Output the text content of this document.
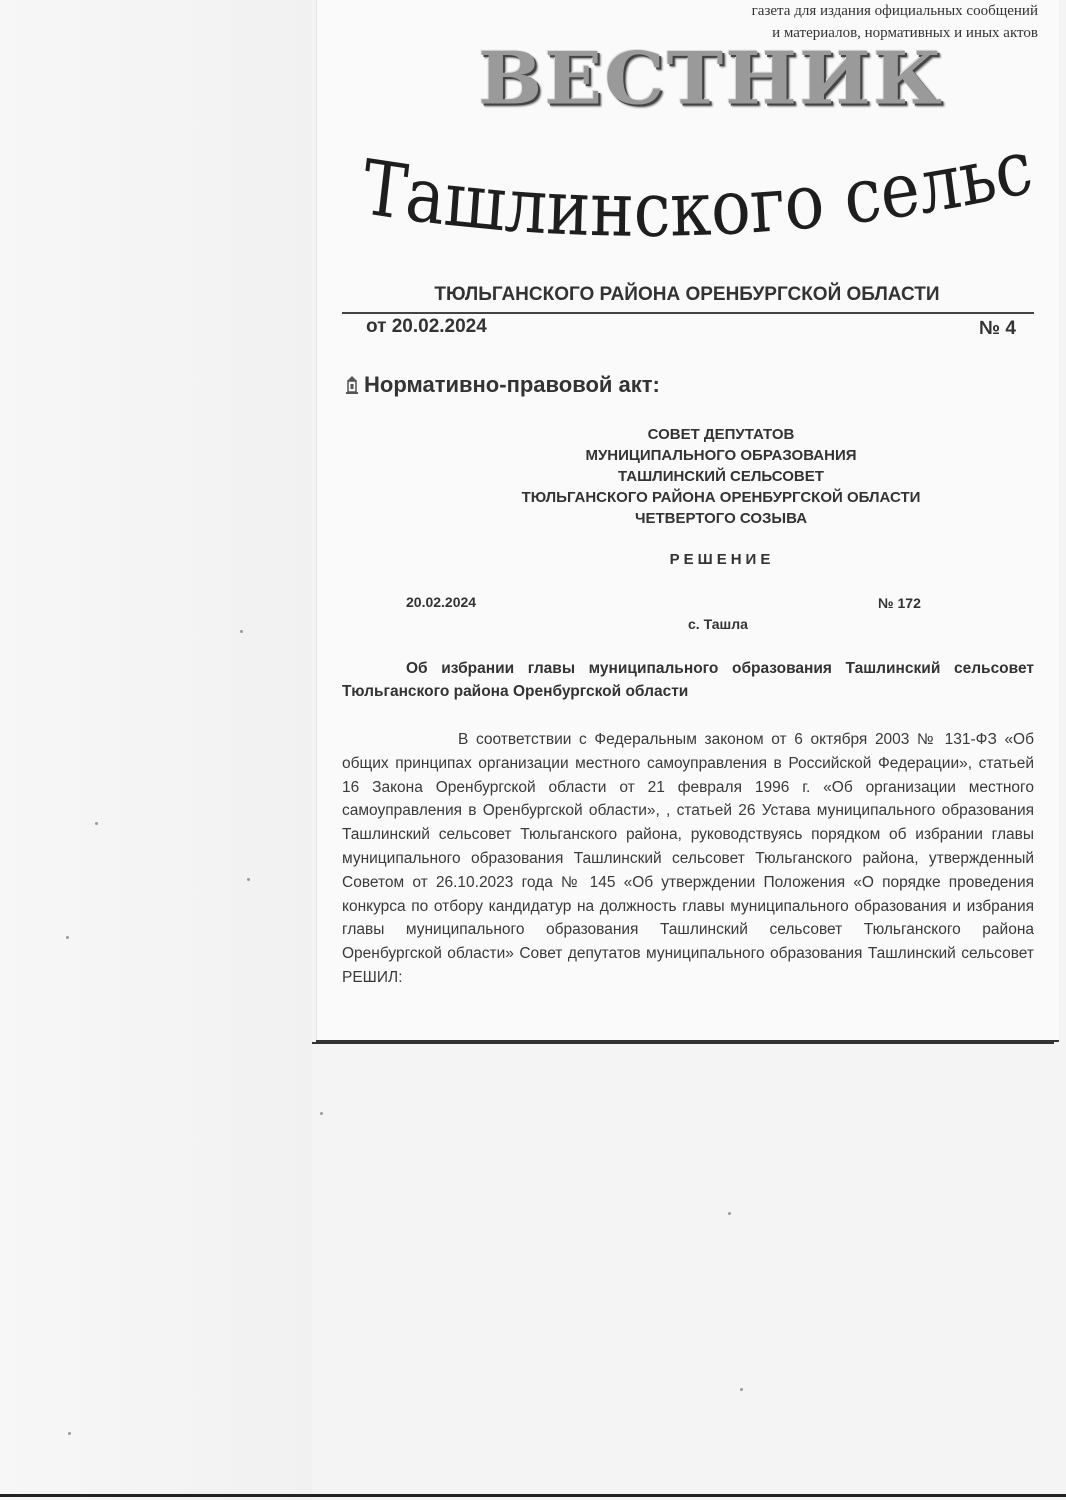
газета для издания официальных сообщений
и материалов, нормативных и иных актов
ВЕСТНИК
Ташлинского сельс
ТЮЛЬГАНСКОГО РАЙОНА ОРЕНБУРГСКОЙ ОБЛАСТИ
от 20.02.2024	№ 4
Нормативно-правовой акт:
СОВЕТ ДЕПУТАТОВ
МУНИЦИПАЛЬНОГО ОБРАЗОВАНИЯ
ТАШЛИНСКИЙ СЕЛЬСОВЕТ
ТЮЛЬГАНСКОГО РАЙОНА ОРЕНБУРГСКОЙ ОБЛАСТИ
ЧЕТВЕРТОГО СОЗЫВА
РЕШЕНИЕ
20.02.2024	№ 172
с. Ташла
Об избрании главы муниципального образования Ташлинский сельсовет Тюльганского района Оренбургской области
В соответствии с Федеральным законом от 6 октября 2003 № 131-ФЗ «Об общих принципах организации местного самоуправления в Российской Федерации», статьей 16 Закона Оренбургской области от 21 февраля 1996 г. «Об организации местного самоуправления в Оренбургской области», , статьей 26 Устава муниципального образования Ташлинский сельсовет Тюльганского района, руководствуясь порядком об избрании главы муниципального образования Ташлинский сельсовет Тюльганского района, утвержденный Советом от 26.10.2023 года № 145 «Об утверждении Положения «О порядке проведения конкурса по отбору кандидатур на должность главы муниципального образования и избрания главы муниципального образования Ташлинский сельсовет Тюльганского района Оренбургской области» Совет депутатов муниципального образования Ташлинский сельсовет РЕШИЛ:
